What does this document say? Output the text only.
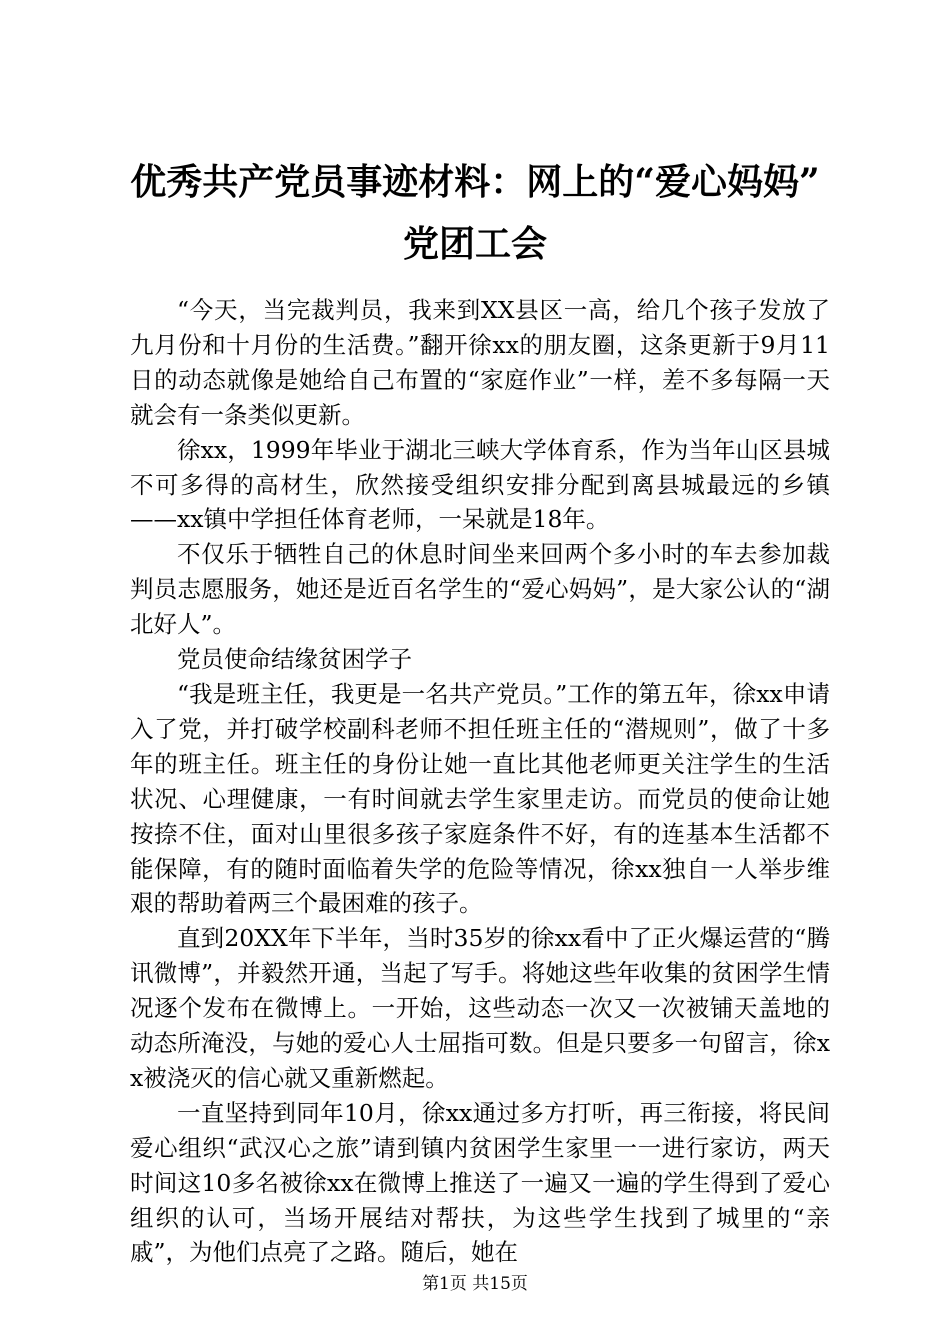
优秀共产党员事迹材料：网上的“爱心妈妈”
党团工会

“今天，当完裁判员，我来到XX县区一高，给几个孩子发放了九月份和十月份的生活费。”翻开徐xx的朋友圈，这条更新于9月11日的动态就像是她给自己布置的“家庭作业”一样，差不多每隔一天就会有一条类似更新。

徐xx，1999年毕业于湖北三峡大学体育系，作为当年山区县城不可多得的高材生，欣然接受组织安排分配到离县城最远的乡镇——xx镇中学担任体育老师，一呆就是18年。

不仅乐于牺牲自己的休息时间坐来回两个多小时的车去参加裁判员志愿服务，她还是近百名学生的“爱心妈妈”，是大家公认的“湖北好人”。

党员使命结缘贫困学子

“我是班主任，我更是一名共产党员。”工作的第五年，徐xx申请入了党，并打破学校副科老师不担任班主任的“潜规则”，做了十多年的班主任。班主任的身份让她一直比其他老师更关注学生的生活状况、心理健康，一有时间就去学生家里走访。而党员的使命让她按捺不住，面对山里很多孩子家庭条件不好，有的连基本生活都不能保障，有的随时面临着失学的危险等情况，徐xx独自一人举步维艰的帮助着两三个最困难的孩子。

直到20XX年下半年，当时35岁的徐xx看中了正火爆运营的“腾讯微博”，并毅然开通，当起了写手。将她这些年收集的贫困学生情况逐个发布在微博上。一开始，这些动态一次又一次被铺天盖地的动态所淹没，与她的爱心人士屈指可数。但是只要多一句留言，徐xx被浇灭的信心就又重新燃起。

一直坚持到同年10月，徐xx通过多方打听，再三衔接，将民间爱心组织“武汉心之旅”请到镇内贫困学生家里一一进行家访，两天时间这10多名被徐xx在微博上推送了一遍又一遍的学生得到了爱心组织的认可，当场开展结对帮扶，为这些学生找到了城里的“亲戚”，为他们点亮了之路。随后，她在

第1页 共15页
